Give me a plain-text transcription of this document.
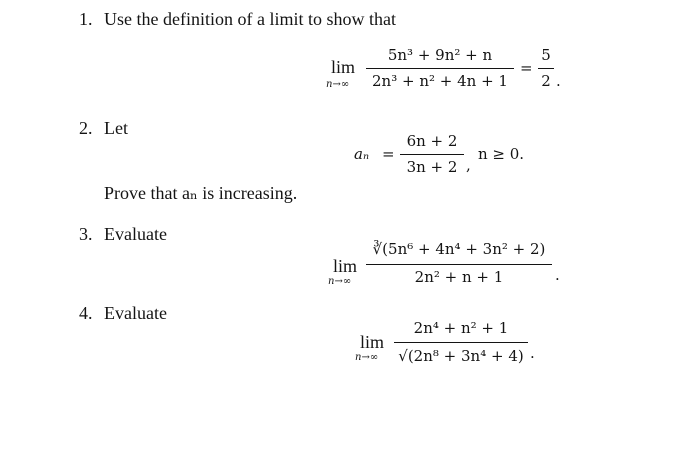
1. Use the definition of a limit to show that
lim
n→∞
5n³ + 9n² + n
2n³ + n² + 4n + 1
=
5
2 .
2. Let
aₙ =
6n + 2
3n + 2 ,
n ≥ 0.
Prove that aₙ is increasing.
3. Evaluate
lim
n→∞
∛(5n⁶ + 4n⁴ + 3n² + 2)
2n² + n + 1	.
4. Evaluate
lim
n→∞
2n⁴ + n² + 1
√(2n⁸ + 3n⁴ + 4) .
